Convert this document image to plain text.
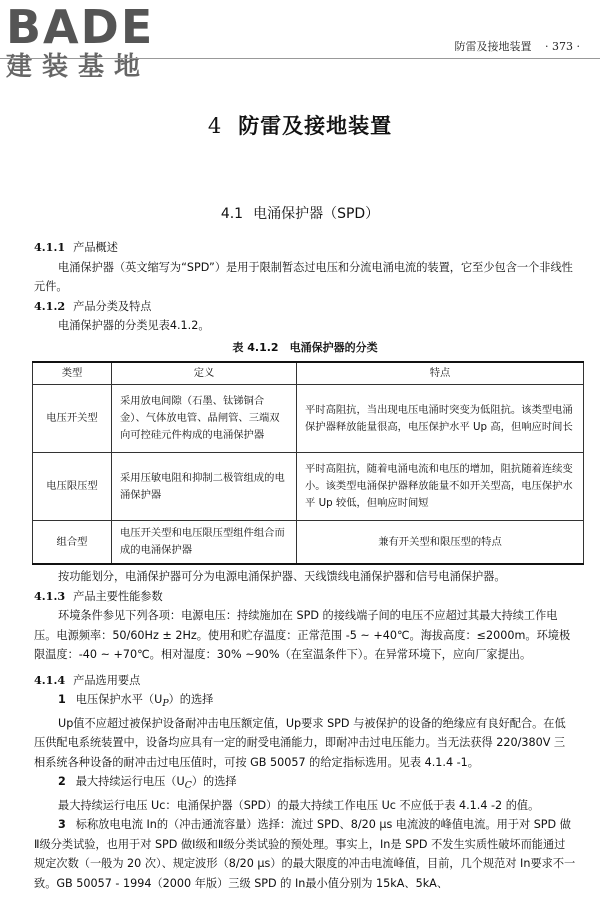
BADE
建装基地
防雷及接地装置 · 373 ·
4 防雷及接地装置
4.1 电涌保护器（SPD）

4.1.1 产品概述

电涌保护器（英文缩写为“SPD”）是用于限制暂态过电压和分流电涌电流的装置，它至少包含一个非线性元件。

4.1.2 产品分类及特点

电涌保护器的分类见表4.1.2。

表 4.1.2　电涌保护器的分类

类型	定义	特点
电压开关型	采用放电间隙（石墨、钛锑铜合金）、气体放电管、晶闸管、三端双向可控硅元件构成的电涌保护器	平时高阻抗，当出现电压电涌时突变为低阻抗。该类型电涌保护器释放能量很高，电压保护水平 Up 高，但响应时间长
电压限压型	采用压敏电阻和抑制二极管组成的电涌保护器	平时高阻抗，随着电涌电流和电压的增加，阻抗随着连续变小。该类型电涌保护器释放能量不如开关型高，电压保护水平 Up 较低，但响应时间短
组合型	电压开关型和电压限压型组件组合而成的电涌保护器	兼有开关型和限压型的特点

按功能划分，电涌保护器可分为电源电涌保护器、天线馈线电涌保护器和信号电涌保护器。

4.1.3 产品主要性能参数

环境条件参见下列各项：电源电压：持续施加在 SPD 的接线端子间的电压不应超过其最大持续工作电压。电源频率：50/60Hz ± 2Hz。使用和贮存温度：正常范围 -5 ~ +40℃。海拔高度：≤2000m。环境极限温度：-40 ~ +70℃。相对湿度：30% ~90%（在室温条件下）。在异常环境下，应向厂家提出。

4.1.4 产品选用要点

1 电压保护水平$(U_P)$的选择

Up值不应超过被保护设备耐冲击电压额定值，Up要求 SPD 与被保护的设备的绝缘应有良好配合。在低压供配电系统装置中，设备均应具有一定的耐受电涌能力，即耐冲击过电压能力。当无法获得 220/380V 三相系统各种设备的耐冲击过电压值时，可按 GB 50057 的给定指标选用。见表 4.1.4 -1。

2 最大持续运行电压$(U_C)$的选择

最大持续运行电压 Uc：电涌保护器（SPD）的最大持续工作电压 Uc 不应低于表 4.1.4 -2 的值。

3 标称放电电流 In的（冲击通流容量）选择：流过 SPD、8/20 μs 电流波的峰值电流。用于对 SPD 做Ⅱ级分类试验，也用于对 SPD 做Ⅰ级和Ⅱ级分类试验的预处理。事实上，In是 SPD 不发生实质性破坏而能通过规定次数（一般为 20 次）、规定波形（8/20 μs）的最大限度的冲击电流峰值，目前，几个规范对 In要求不一致。GB 50057 - 1994（2000 年版）三级 SPD 的 In最小值分别为 15kA、5kA、
